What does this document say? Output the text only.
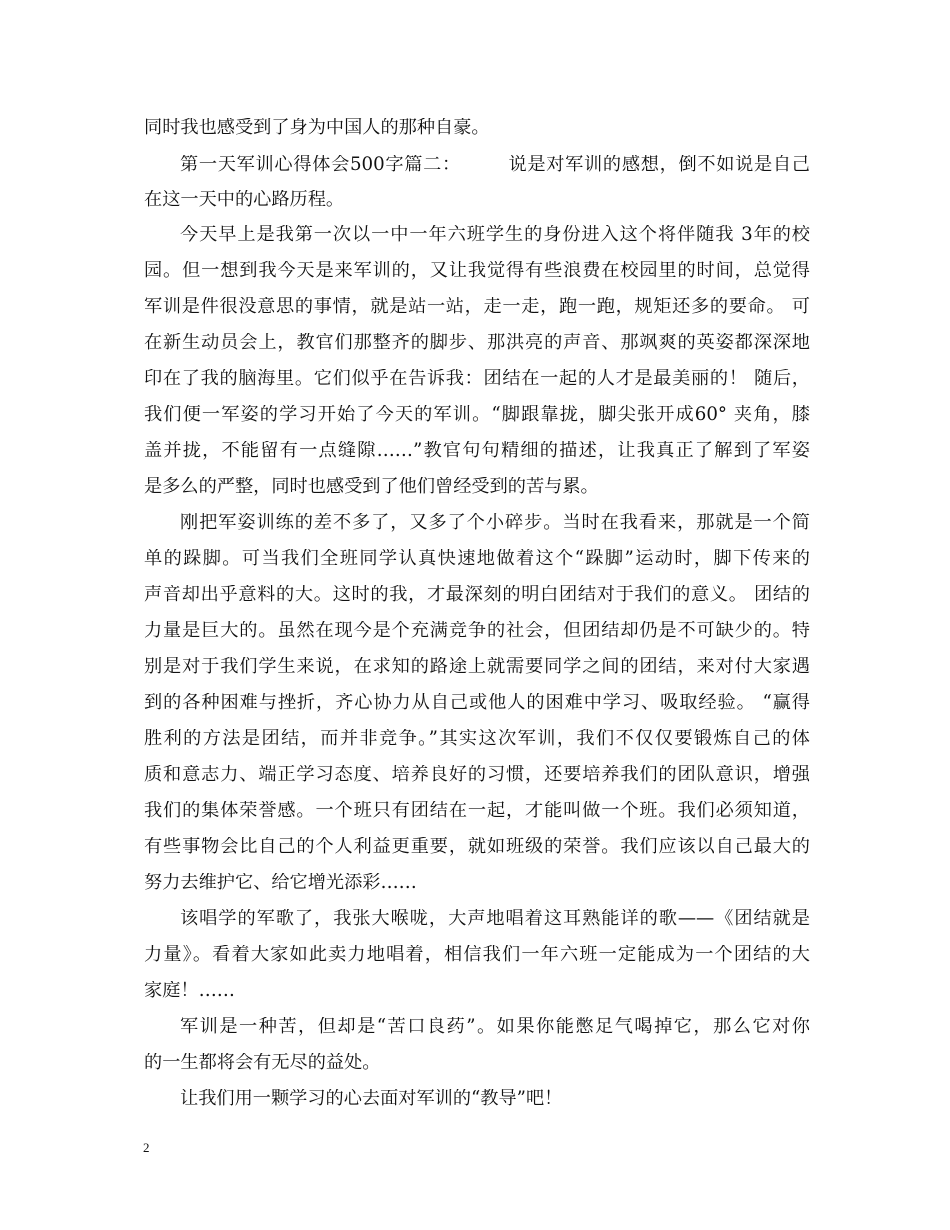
同时我也感受到了身为中国人的那种自豪。
第一天军训心得体会500字篇二：　　　说是对军训的感想，倒不如说是自己
在这一天中的心路历程。
今天早上是我第一次以一中一年六班学生的身份进入这个将伴随我 3年的校
园。但一想到我今天是来军训的，又让我觉得有些浪费在校园里的时间，总觉得
军训是件很没意思的事情，就是站一站，走一走，跑一跑，规矩还多的要命。 可
在新生动员会上，教官们那整齐的脚步、那洪亮的声音、那飒爽的英姿都深深地
印在了我的脑海里。它们似乎在告诉我：团结在一起的人才是最美丽的！ 随后，
我们便一军姿的学习开始了今天的军训。“脚跟靠拢，脚尖张开成60° 夹角，膝
盖并拢，不能留有一点缝隙……”教官句句精细的描述，让我真正了解到了军姿
是多么的严整，同时也感受到了他们曾经受到的苦与累。
刚把军姿训练的差不多了，又多了个小碎步。当时在我看来，那就是一个简
单的跺脚。可当我们全班同学认真快速地做着这个“跺脚”运动时，脚下传来的
声音却出乎意料的大。这时的我，才最深刻的明白团结对于我们的意义。 团结的
力量是巨大的。虽然在现今是个充满竞争的社会，但团结却仍是不可缺少的。特
别是对于我们学生来说，在求知的路途上就需要同学之间的团结，来对付大家遇
到的各种困难与挫折，齐心协力从自己或他人的困难中学习、吸取经验。 “赢得
胜利的方法是团结，而并非竞争。”其实这次军训，我们不仅仅要锻炼自己的体
质和意志力、端正学习态度、培养良好的习惯，还要培养我们的团队意识，增强
我们的集体荣誉感。一个班只有团结在一起，才能叫做一个班。我们必须知道，
有些事物会比自己的个人利益更重要，就如班级的荣誉。我们应该以自己最大的
努力去维护它、给它增光添彩……
该唱学的军歌了，我张大喉咙，大声地唱着这耳熟能详的歌——《团结就是
力量》。看着大家如此卖力地唱着，相信我们一年六班一定能成为一个团结的大
家庭！……
军训是一种苦，但却是“苦口良药”。如果你能憋足气喝掉它，那么它对你
的一生都将会有无尽的益处。
让我们用一颗学习的心去面对军训的“教导”吧！
2
